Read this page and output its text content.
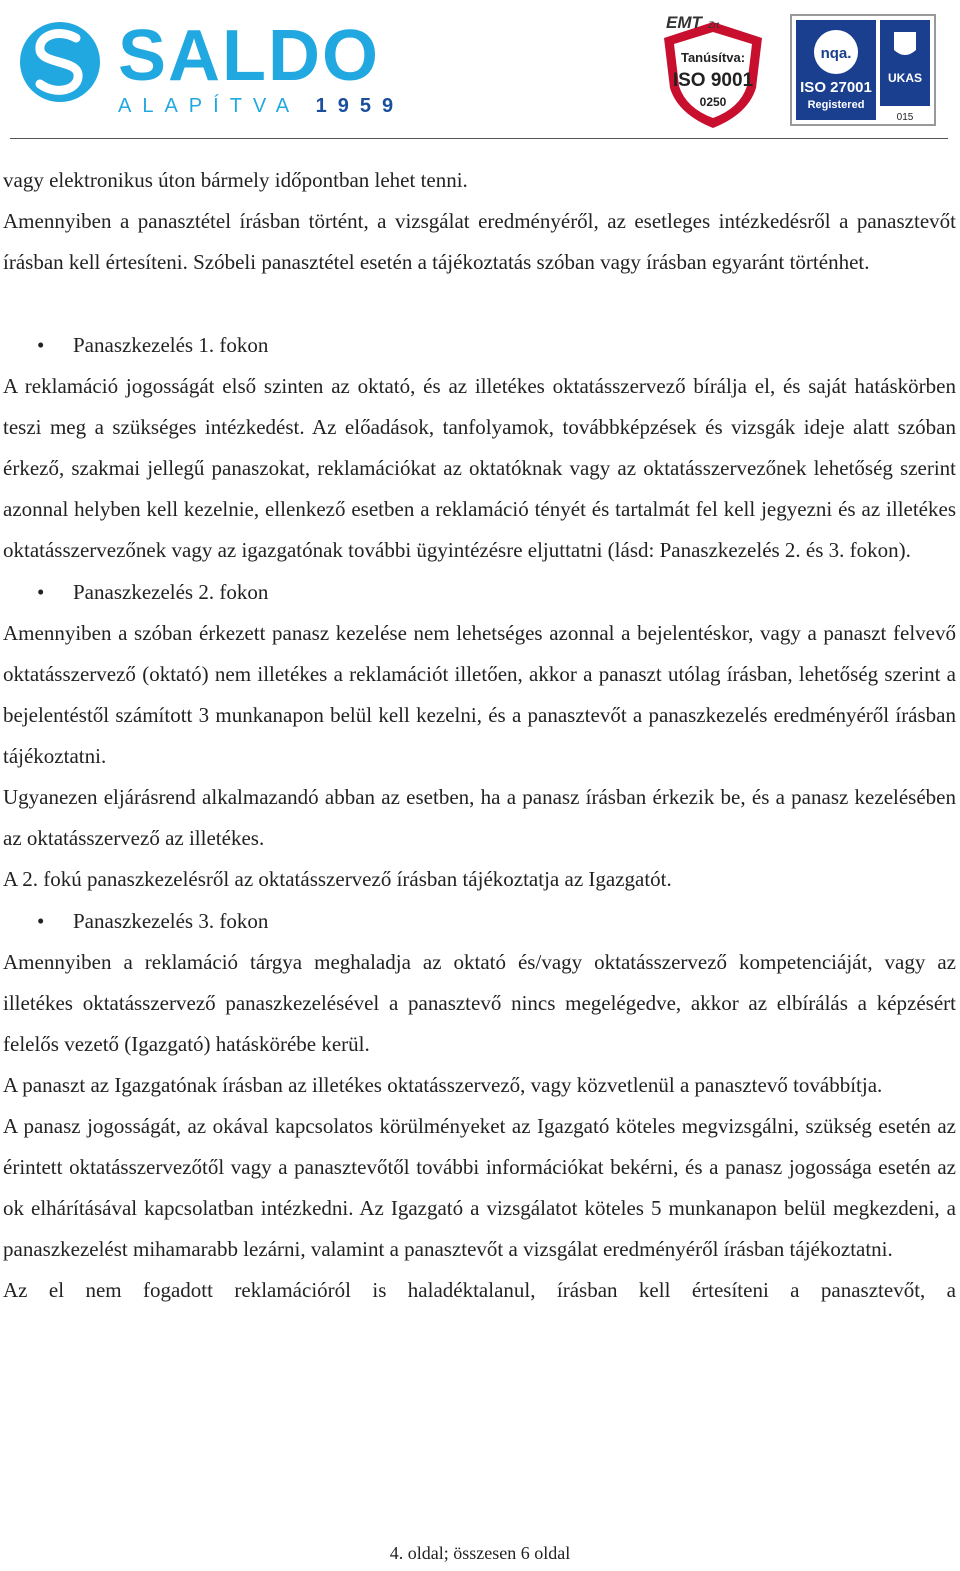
SALDO
ALAPÍTVA 1959
EMT Zrt.
Tanúsítva:
ISO 9001
0250
nqa.
ISO 27001
Registered
UKAS
015

vagy elektronikus úton bármely időpontban lehet tenni.

Amennyiben a panasztétel írásban történt, a vizsgálat eredményéről, az esetleges intézkedésről a panasztevőt írásban kell értesíteni. Szóbeli panasztétel esetén a tájékoztatás szóban vagy írásban egyaránt történhet.

• Panaszkezelés 1. fokon

A reklamáció jogosságát első szinten az oktató, és az illetékes oktatásszervező bírálja el, és saját hatáskörben teszi meg a szükséges intézkedést. Az előadások, tanfolyamok, továbbképzések és vizsgák ideje alatt szóban érkező, szakmai jellegű panaszokat, reklamációkat az oktatóknak vagy az oktatásszervezőnek lehetőség szerint azonnal helyben kell kezelnie, ellenkező esetben a reklamáció tényét és tartalmát fel kell jegyezni és az illetékes oktatásszervezőnek vagy az igazgatónak további ügyintézésre eljuttatni (lásd: Panaszkezelés 2. és 3. fokon).

• Panaszkezelés 2. fokon

Amennyiben a szóban érkezett panasz kezelése nem lehetséges azonnal a bejelentéskor, vagy a panaszt felvevő oktatásszervező (oktató) nem illetékes a reklamációt illetően, akkor a panaszt utólag írásban, lehetőség szerint a bejelentéstől számított 3 munkanapon belül kell kezelni, és a panasztevőt a panaszkezelés eredményéről írásban tájékoztatni.

Ugyanezen eljárásrend alkalmazandó abban az esetben, ha a panasz írásban érkezik be, és a panasz kezelésében az oktatásszervező az illetékes.

A 2. fokú panaszkezelésről az oktatásszervező írásban tájékoztatja az Igazgatót.

• Panaszkezelés 3. fokon

Amennyiben a reklamáció tárgya meghaladja az oktató és/vagy oktatásszervező kompetenciáját, vagy az illetékes oktatásszervező panaszkezelésével a panasztevő nincs megelégedve, akkor az elbírálás a képzésért felelős vezető (Igazgató) hatáskörébe kerül.

A panaszt az Igazgatónak írásban az illetékes oktatásszervező, vagy közvetlenül a panasztevő továbbítja.

A panasz jogosságát, az okával kapcsolatos körülményeket az Igazgató köteles megvizsgálni, szükség esetén az érintett oktatásszervezőtől vagy a panasztevőtől további információkat bekérni, és a panasz jogossága esetén az ok elhárításával kapcsolatban intézkedni. Az Igazgató a vizsgálatot köteles 5 munkanapon belül megkezdeni, a panaszkezelést mihamarabb lezárni, valamint a panasztevőt a vizsgálat eredményéről írásban tájékoztatni.

Az el nem fogadott reklamációról is haladéktalanul, írásban kell értesíteni a panasztevőt, a

4. oldal; összesen 6 oldal
